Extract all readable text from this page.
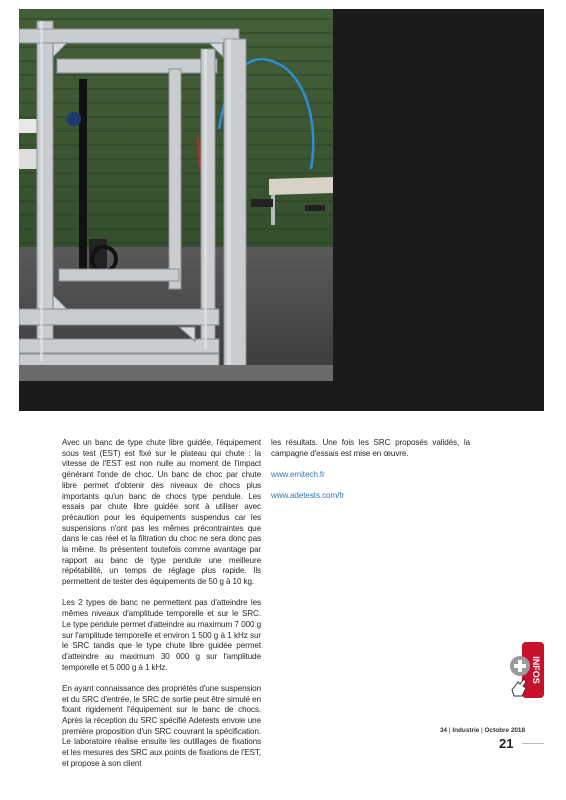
Avec un banc de type chute libre guidée, l'équipement sous test (EST) est fixé sur le plateau qui chute : la vitesse de l'EST est non nulle au moment de l'impact générant l'onde de choc. Un banc de choc par chute libre permet d'obtenir des niveaux de chocs plus importants qu'un banc de chocs type pendule. Les essais par chute libre guidée sont à utiliser avec précaution pour les équipements suspendus car les suspensions n'ont pas les mêmes précontraintes que dans le cas réel et la filtration du choc ne sera donc pas la même. Ils présentent toutefois comme avantage par rapport au banc de type pendule une meilleure répétabilité, un temps de réglage plus rapide. Ils permettent de tester des équipements de 50 g à 10 kg.

Les 2 types de banc ne permettent pas d'atteindre les mêmes niveaux d'amplitude temporelle et sur le SRC. Le type pendule permet d'atteindre au maximum 7 000 g sur l'amplitude temporelle et environ 1 500 g à 1 kHz sur le SRC tandis que le type chute libre guidée permet d'atteindre au maximum 30 000 g sur l'amplitude temporelle et 5 000 g à 1 kHz.

En ayant connaissance des propriétés d'une suspension et du SRC d'entrée, le SRC de sortie peut être simulé en fixant rigidement l'équipement sur le banc de chocs. Après la réception du SRC spécifié Adetests envoie une première proposition d'un SRC couvrant la spécification. Le laboratoire réalise ensuite les outillages de fixations et les mesures des SRC aux points de fixations de l'EST, et propose à son client

les résultats. Une fois les SRC proposés validés, la campagne d'essais est mise en œuvre.

www.emitech.fr
www.adetests.com/fr
INFOS
34 | Industrie | Octobre 2018
21
